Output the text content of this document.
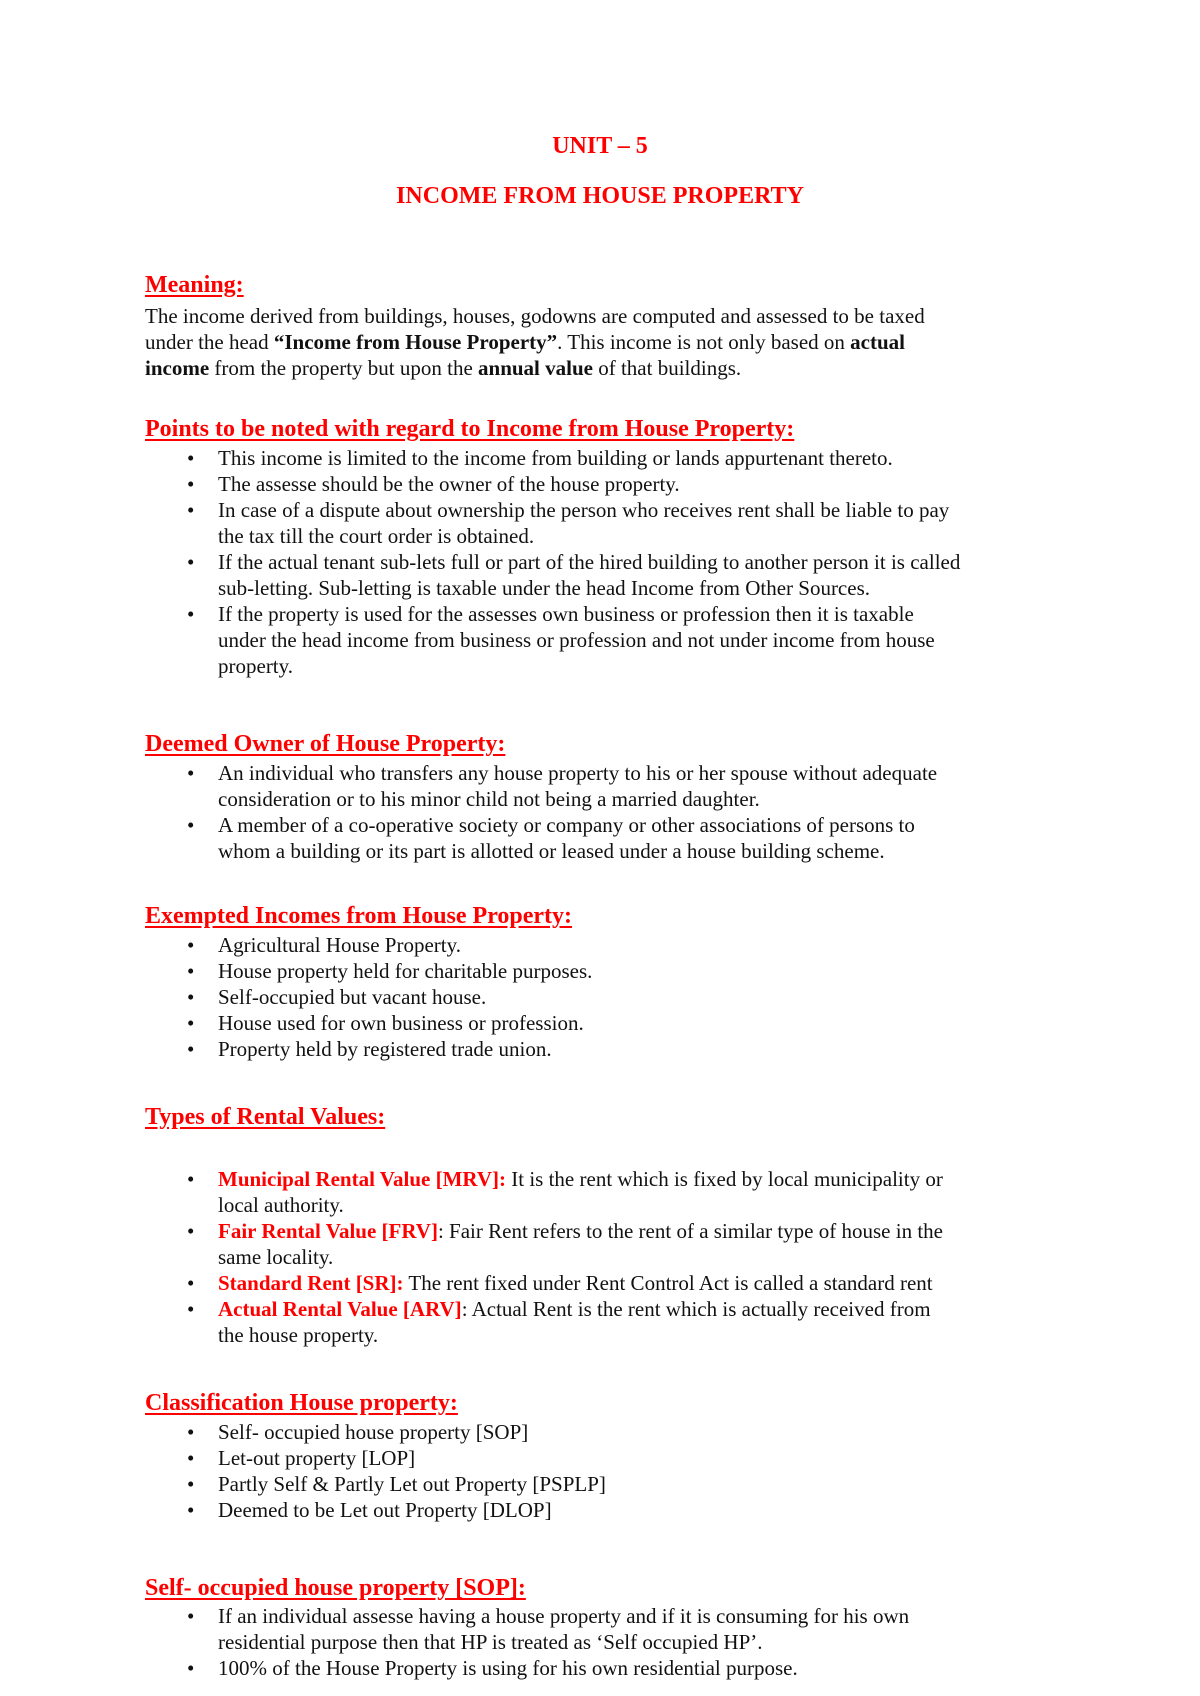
UNIT – 5
INCOME FROM HOUSE PROPERTY
Meaning:
The income derived from buildings, houses, godowns are computed and assessed to be taxed
under the head “Income from House Property”. This income is not only based on actual
income from the property but upon the annual value of that buildings.
Points to be noted with regard to Income from House Property:
• This income is limited to the income from building or lands appurtenant thereto.
• The assesse should be the owner of the house property.
• In case of a dispute about ownership the person who receives rent shall be liable to pay
the tax till the court order is obtained.
• If the actual tenant sub-lets full or part of the hired building to another person it is called
sub-letting. Sub-letting is taxable under the head Income from Other Sources.
• If the property is used for the assesses own business or profession then it is taxable
under the head income from business or profession and not under income from house
property.
Deemed Owner of House Property:
• An individual who transfers any house property to his or her spouse without adequate
consideration or to his minor child not being a married daughter.
• A member of a co-operative society or company or other associations of persons to
whom a building or its part is allotted or leased under a house building scheme.
Exempted Incomes from House Property:
• Agricultural House Property.
• House property held for charitable purposes.
• Self-occupied but vacant house.
• House used for own business or profession.
• Property held by registered trade union.
Types of Rental Values:
• Municipal Rental Value [MRV]: It is the rent which is fixed by local municipality or
local authority.
• Fair Rental Value [FRV]: Fair Rent refers to the rent of a similar type of house in the
same locality.
• Standard Rent [SR]: The rent fixed under Rent Control Act is called a standard rent
• Actual Rental Value [ARV]: Actual Rent is the rent which is actually received from
the house property.
Classification House property:
• Self- occupied house property [SOP]
• Let-out property [LOP]
• Partly Self & Partly Let out Property [PSPLP]
• Deemed to be Let out Property [DLOP]
Self- occupied house property [SOP]:
• If an individual assesse having a house property and if it is consuming for his own
residential purpose then that HP is treated as ‘Self occupied HP’.
• 100% of the House Property is using for his own residential purpose.
